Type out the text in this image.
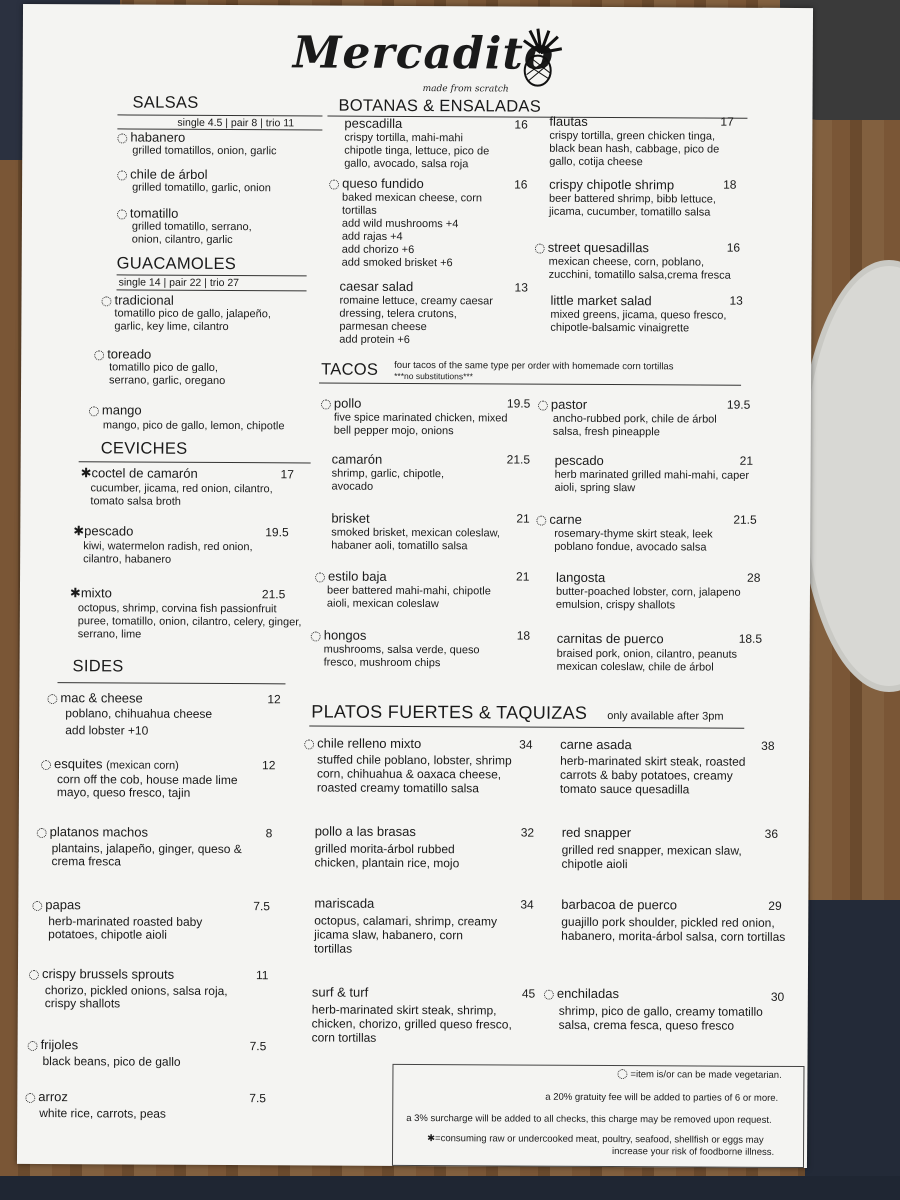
Mercadito
made from scratch
SALSAS
single 4.5 | pair 8 | trio 11
habanero
grilled tomatillos, onion, garlic
chile de árbol
grilled tomatillo, garlic, onion
tomatillo
grilled tomatillo, serrano, onion, cilantro, garlic
GUACAMOLES
single 14 | pair 22 | trio 27
tradicional
tomatillo pico de gallo, jalapeño, garlic, key lime, cilantro
toreado
tomatillo pico de gallo, serrano, garlic, oregano
mango
mango, pico de gallo, lemon, chipotle
CEVICHES
✱coctel de camarón	17
cucumber, jicama, red onion, cilantro, tomato salsa broth
✱pescado	19.5
kiwi, watermelon radish, red onion, cilantro, habanero
✱mixto	21.5
octopus, shrimp, corvina fish passionfruit puree, tomatillo, onion, cilantro, celery, ginger, serrano, lime
SIDES
mac & cheese	12
poblano, chihuahua cheese
add lobster +10
esquites (mexican corn)	12
corn off the cob, house made lime mayo, queso fresco, tajin
platanos machos	8
plantains, jalapeño, ginger, queso & crema fresca
papas	7.5
herb-marinated roasted baby potatoes, chipotle aioli
crispy brussels sprouts	11
chorizo, pickled onions, salsa roja, crispy shallots
frijoles	7.5
black beans, pico de gallo
arroz	7.5
white rice, carrots, peas
BOTANAS & ENSALADAS
pescadilla	16
crispy tortilla, mahi-mahi chipotle tinga, lettuce, pico de gallo, avocado, salsa roja
queso fundido	16
baked mexican cheese, corn tortillas
add wild mushrooms +4
add rajas +4
add chorizo +6
add smoked brisket +6
caesar salad	13
romaine lettuce, creamy caesar dressing, telera crutons, parmesan cheese
add protein +6
flautas	17
crispy tortilla, green chicken tinga, black bean hash, cabbage, pico de gallo, cotija cheese
crispy chipotle shrimp	18
beer battered shrimp, bibb lettuce, jicama, cucumber, tomatillo salsa
street quesadillas	16
mexican cheese, corn, poblano, zucchini, tomatillo salsa,crema fresca
little market salad	13
mixed greens, jicama, queso fresco, chipotle-balsamic vinaigrette
TACOS four tacos of the same type per order with homemade corn tortillas
***no substitutions***
pollo	19.5
five spice marinated chicken, mixed bell pepper mojo, onions
camarón	21.5
shrimp, garlic, chipotle, avocado
brisket	21
smoked brisket, mexican coleslaw, habaner aoli, tomatillo salsa
estilo baja	21
beer battered mahi-mahi, chipotle aioli, mexican coleslaw
hongos	18
mushrooms, salsa verde, queso fresco, mushroom chips
pastor	19.5
ancho-rubbed pork, chile de árbol salsa, fresh pineapple
pescado	21
herb marinated grilled mahi-mahi, caper aioli, spring slaw
carne	21.5
rosemary-thyme skirt steak, leek poblano fondue, avocado salsa
langosta	28
butter-poached lobster, corn, jalapeno emulsion, crispy shallots
carnitas de puerco	18.5
braised pork, onion, cilantro, peanuts mexican coleslaw, chile de árbol
PLATOS FUERTES & TAQUIZAS only available after 3pm
chile relleno mixto	34
stuffed chile poblano, lobster, shrimp corn, chihuahua & oaxaca cheese, roasted creamy tomatillo salsa
pollo a las brasas	32
grilled morita-árbol rubbed chicken, plantain rice, mojo
mariscada	34
octopus, calamari, shrimp, creamy jicama slaw, habanero, corn tortillas
surf & turf	45
herb-marinated skirt steak, shrimp, chicken, chorizo, grilled queso fresco, corn tortillas
carne asada	38
herb-marinated skirt steak, roasted carrots & baby potatoes, creamy tomato sauce quesadilla
red snapper	36
grilled red snapper, mexican slaw, chipotle aioli
barbacoa de puerco	29
guajillo pork shoulder, pickled red onion, habanero, morita-árbol salsa, corn tortillas
enchiladas	30
shrimp, pico de gallo, creamy tomatillo salsa, crema fesca, queso fresco
=item is/or can be made vegetarian.
a 20% gratuity fee will be added to parties of 6 or more.
a 3% surcharge will be added to all checks, this charge may be removed upon request.
✱=consuming raw or undercooked meat, poultry, seafood, shellfish or eggs may
increase your risk of foodborne illness.
